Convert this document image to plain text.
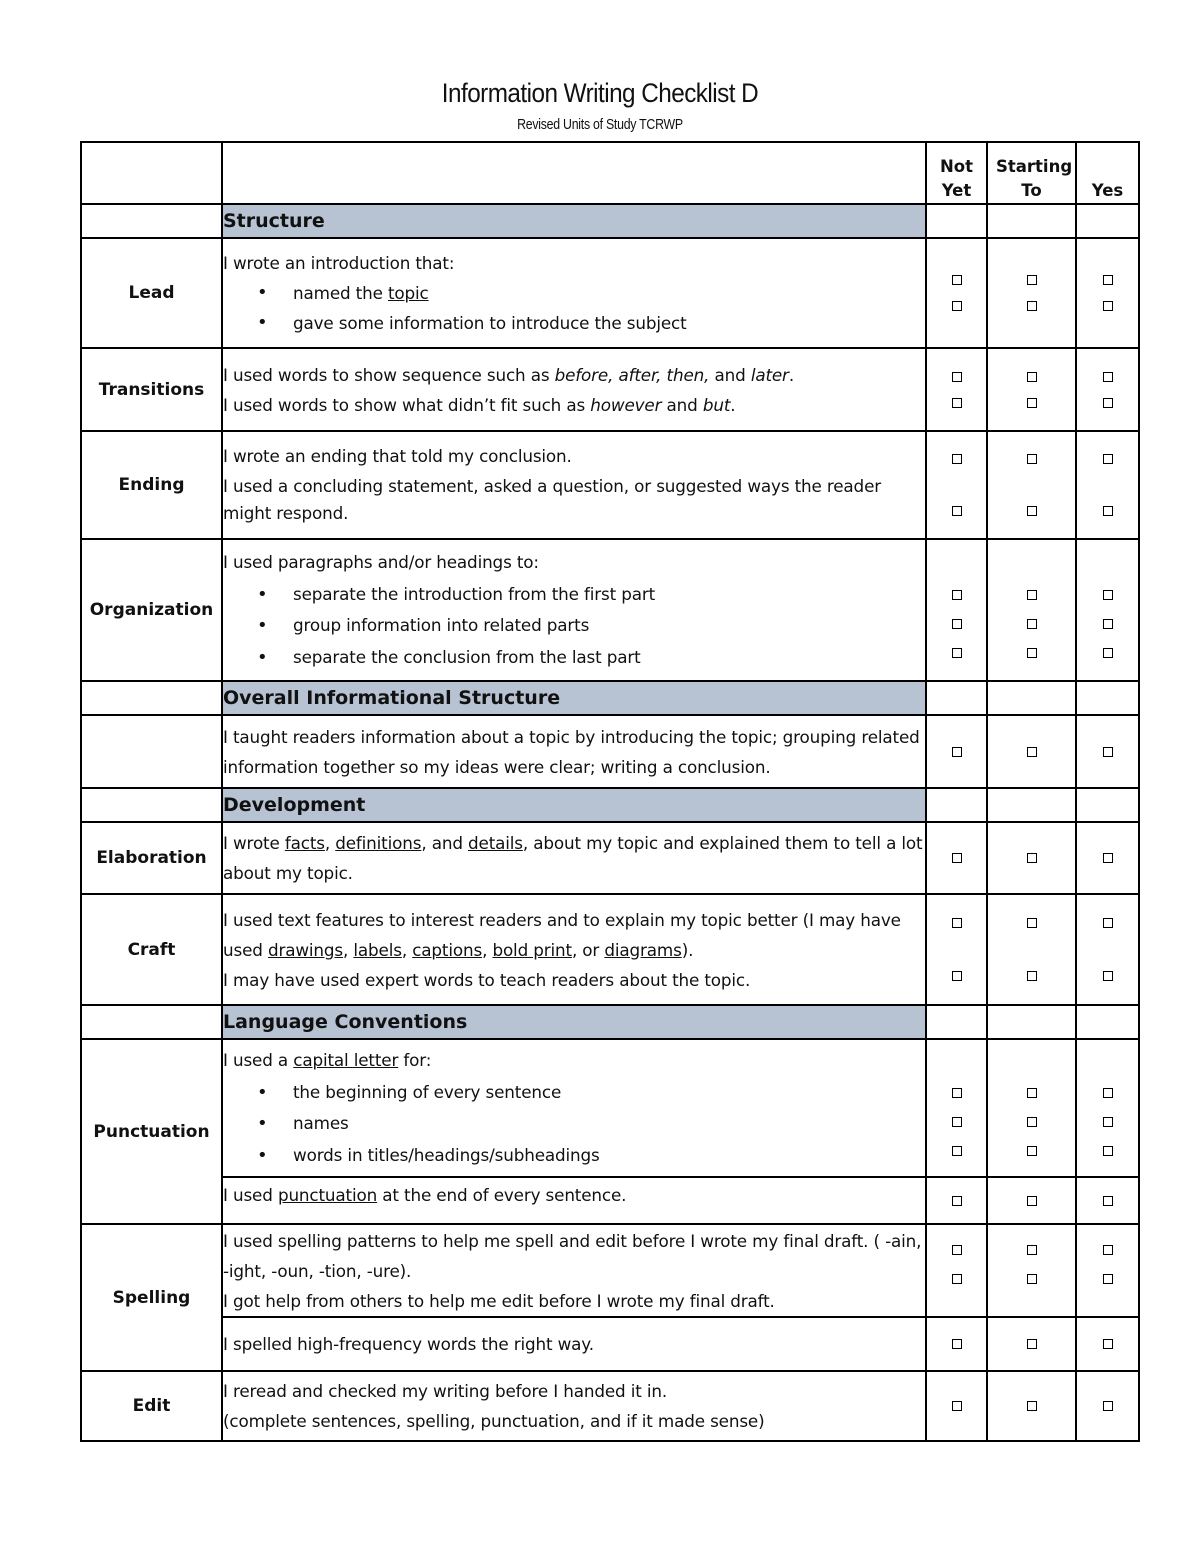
Information Writing Checklist D
Revised Units of Study TCRWP
		Not Yet	Starting To	Yes
	Structure			
Lead	I wrote an introduction that:
• named the topic
• gave some information to introduce the subject

Transitions	I used words to show sequence such as before, after, then, and later.
I used words to show what didn’t fit such as however and but.			

Ending	I wrote an ending that told my conclusion.
I used a concluding statement, asked a question, or suggested ways the reader might respond.			

Organization	I used paragraphs and/or headings to:
• separate the introduction from the first part
• group information into related parts
• separate the conclusion from the last part

	Overall Informational Structure			
	I taught readers information about a topic by introducing the topic; grouping related information together so my ideas were clear; writing a conclusion.			
	Development			
Elaboration	I wrote facts, definitions, and details, about my topic and explained them to tell a lot about my topic.			
Craft	I used text features to interest readers and to explain my topic better (I may have used drawings, labels, captions, bold print, or diagrams).
I may have used expert words to teach readers about the topic.			

	Language Conventions			
Punctuation	I used a capital letter for:
• the beginning of every sentence
• names
• words in titles/headings/subheadings

	I used punctuation at the end of every sentence.			
Spelling	I used spelling patterns to help me spell and edit before I wrote my final draft. ( -ain, -ight, -oun, -tion, -ure).
I got help from others to help me edit before I wrote my final draft.			

	I spelled high-frequency words the right way.			
Edit	I reread and checked my writing before I handed it in.
(complete sentences, spelling, punctuation, and if it made sense)			
